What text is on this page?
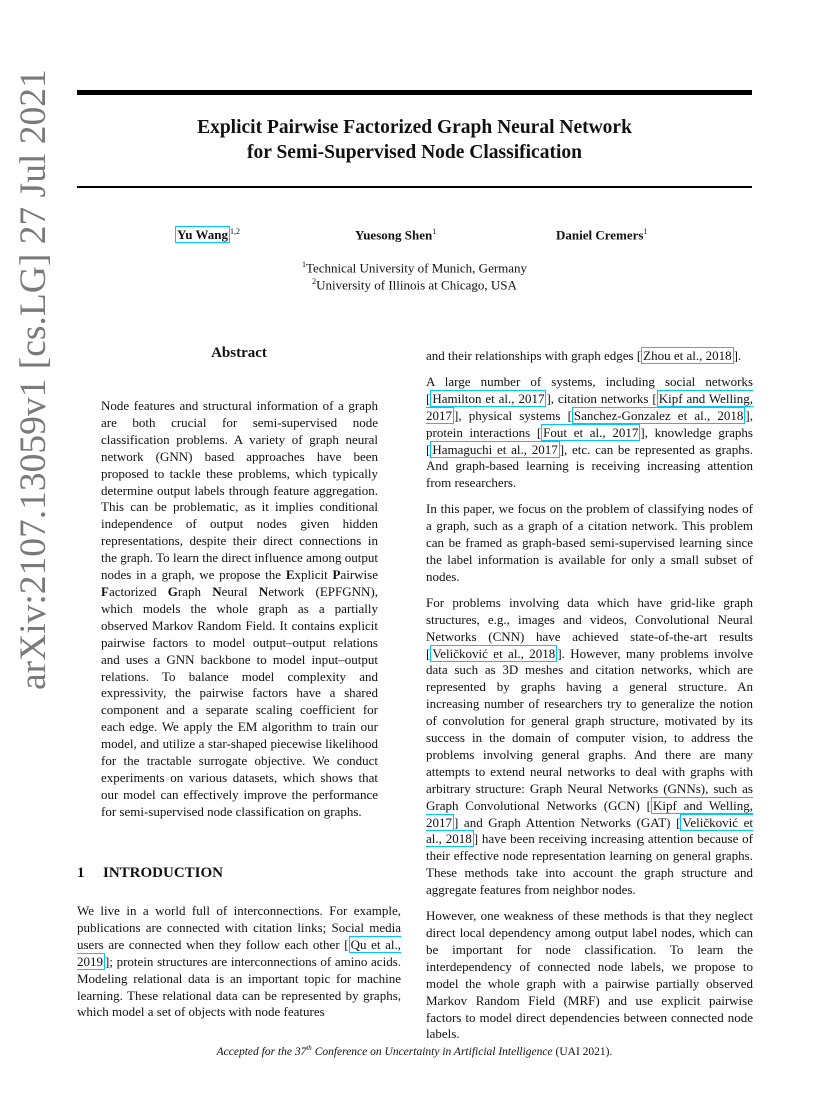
arXiv:2107.13059v1 [cs.LG] 27 Jul 2021	Explicit Pairwise Factorized Graph Neural Network
for Semi-Supervised Node Classification
Yu Wang $^{1,2}$	Yuesong Shen$^1$	Daniel Cremers$^1$
$^1$Technical University of Munich, Germany
$^2$University of Illinois at Chicago, USA
Abstract
Node features and structural information of a graph are both crucial for semi-supervised node classification problems. A variety of graph neural network (GNN) based approaches have been proposed to tackle these problems, which typically determine output labels through feature aggregation. This can be problematic, as it implies conditional independence of output nodes given hidden representations, despite their direct connections in the graph. To learn the direct influence among output nodes in a graph, we propose the Explicit Pairwise Factorized Graph Neural Network (EPFGNN), which models the whole graph as a partially observed Markov Random Field. It contains explicit pairwise factors to model output–output relations and uses a GNN backbone to model input–output relations. To balance model complexity and expressivity, the pairwise factors have a shared component and a separate scaling coefficient for each edge. We apply the EM algorithm to train our model, and utilize a star-shaped piecewise likelihood for the tractable surrogate objective. We conduct experiments on various datasets, which shows that our model can effectively improve the performance for semi-supervised node classification on graphs.
1 INTRODUCTION
We live in a world full of interconnections. For example, publications are connected with citation links; Social media users are connected when they follow each other [ Qu et al., 2019 ]; protein structures are interconnections of amino acids. Modeling relational data is an important topic for machine learning. These relational data can be represented by graphs, which model a set of objects with node features

and their relationships with graph edges [ Zhou et al., 2018 ].

A large number of systems, including social networks [ Hamilton et al., 2017 ], citation networks [ Kipf and Welling, 2017 ], physical systems [ Sanchez-Gonzalez et al., 2018 ], protein interactions [ Fout et al., 2017 ], knowledge graphs [ Hamaguchi et al., 2017 ], etc. can be represented as graphs. And graph-based learning is receiving increasing attention from researchers.

In this paper, we focus on the problem of classifying nodes of a graph, such as a graph of a citation network. This problem can be framed as graph-based semi-supervised learning since the label information is available for only a small subset of nodes.

For problems involving data which have grid-like graph structures, e.g., images and videos, Convolutional Neural Networks (CNN) have achieved state-of-the-art results [ Veličković et al., 2018 ]. However, many problems involve data such as 3D meshes and citation networks, which are represented by graphs having a general structure. An increasing number of researchers try to generalize the notion of convolution for general graph structure, motivated by its success in the domain of computer vision, to address the problems involving general graphs. And there are many attempts to extend neural networks to deal with graphs with arbitrary structure: Graph Neural Networks (GNNs), such as Graph Convolutional Networks (GCN) [ Kipf and Welling, 2017 ] and Graph Attention Networks (GAT) [ Veličković et al., 2018 ] have been receiving increasing attention because of their effective node representation learning on general graphs. These methods take into account the graph structure and aggregate features from neighbor nodes.

However, one weakness of these methods is that they neglect direct local dependency among output label nodes, which can be important for node classification. To learn the interdependency of connected node labels, we propose to model the whole graph with a pairwise partially observed Markov Random Field (MRF) and use explicit pairwise factors to model direct dependencies between connected node labels.

Accepted for the 37th Conference on Uncertainty in Artificial Intelligence (UAI 2021).
